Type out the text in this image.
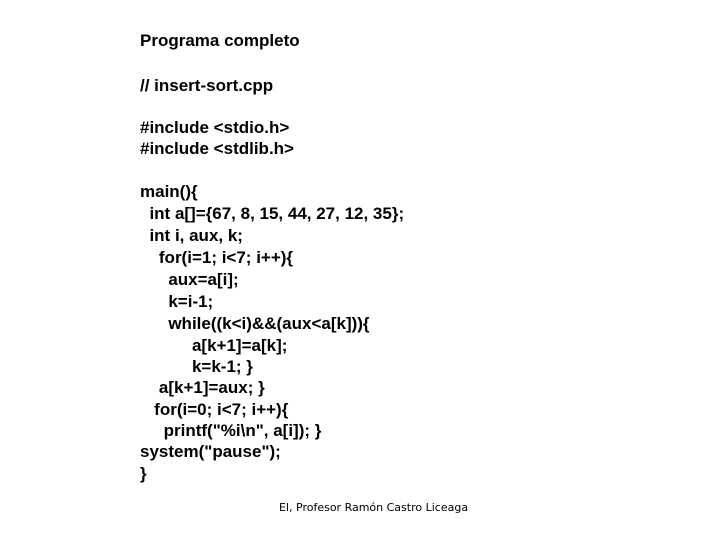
Programa completo

// insert-sort.cpp

#include <stdio.h>

#include <stdlib.h>

main(){

int a[]={67, 8, 15, 44, 27, 12, 35};

int i, aux, k;

for(i=1; i<7; i++){

aux=a[i];

k=i-1;

while((k<i)&&(aux<a[k])){

a[k+1]=a[k];

k=k-1; }

a[k+1]=aux; }

for(i=0; i<7; i++){

printf("%i\n", a[i]); }

system("pause");

}

El, Profesor Ramón Castro Liceaga
